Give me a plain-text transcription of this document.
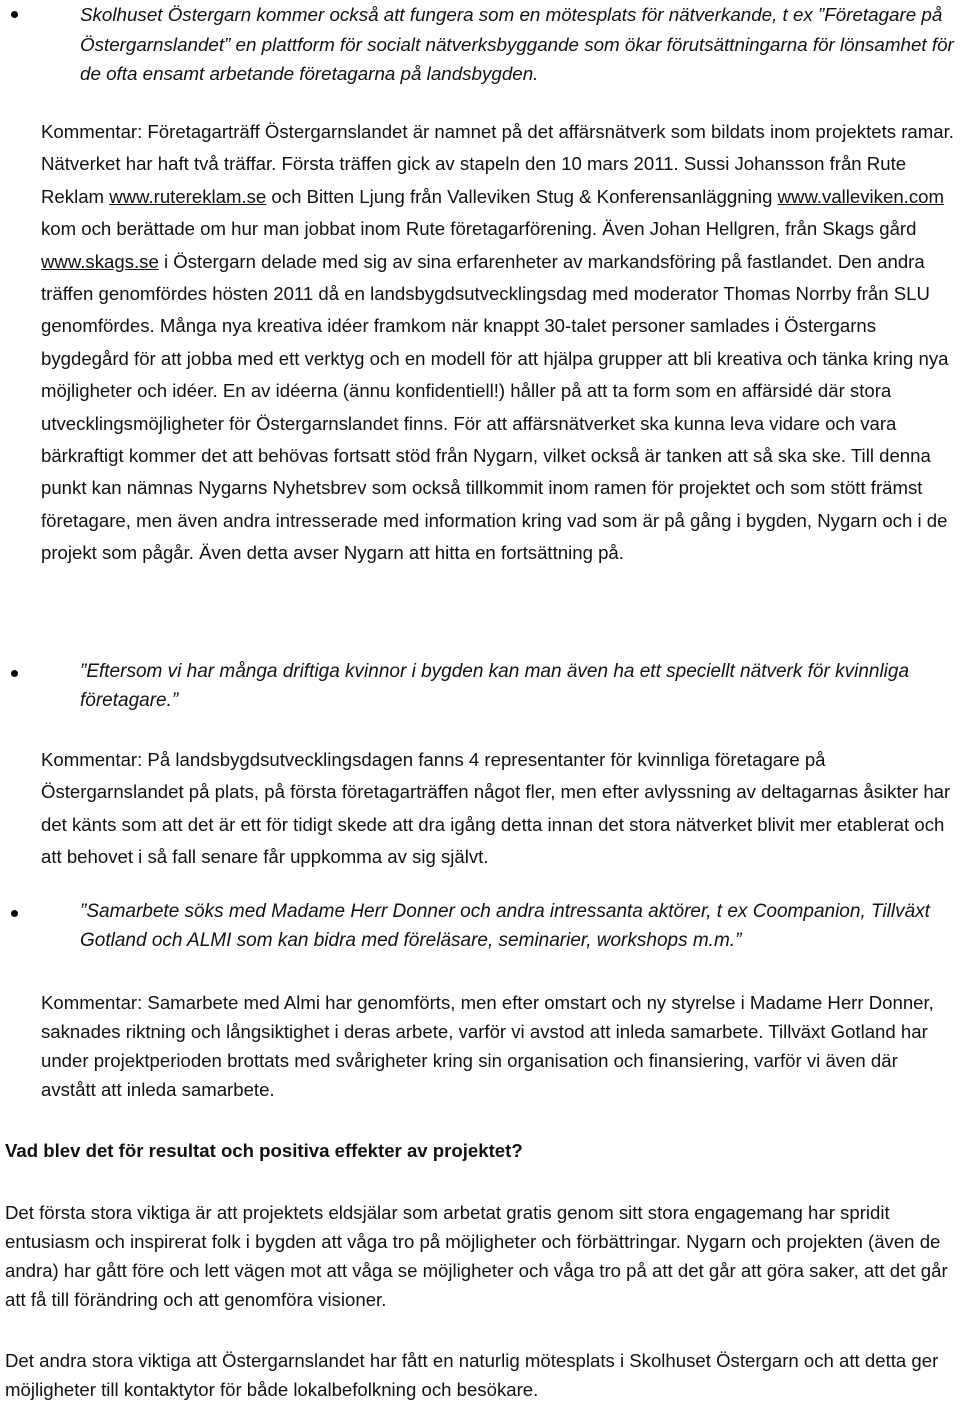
Skolhuset Östergarn kommer också att fungera som en mötesplats för nätverkande, t ex ”Företagare på Östergarnslandet” en plattform för socialt nätverksbyggande som ökar förutsättningarna för lönsamhet för de ofta ensamt arbetande företagarna på landsbygden.
Kommentar: Företagarträff Östergarnslandet är namnet på det affärsnätverk som bildats inom projektets ramar. Nätverket har haft två träffar. Första träffen gick av stapeln den 10 mars 2011. Sussi Johansson från Rute Reklam www.rutereklam.se och Bitten Ljung från Valleviken Stug & Konferensanläggning www.valleviken.com kom och berättade om hur man jobbat inom Rute företagarförening. Även Johan Hellgren, från Skags gård www.skags.se i Östergarn delade med sig av sina erfarenheter av markandsföring på fastlandet. Den andra träffen genomfördes hösten 2011 då en landsbygdsutvecklingsdag med moderator Thomas Norrby från SLU genomfördes. Många nya kreativa idéer framkom när knappt 30-talet personer samlades i Östergarns bygdegård för att jobba med ett verktyg och en modell för att hjälpa grupper att bli kreativa och tänka kring nya möjligheter och idéer. En av idéerna (ännu konfidentiell!) håller på att ta form som en affärsidé där stora utvecklingsmöjligheter för Östergarnslandet finns. För att affärsnätverket ska kunna leva vidare och vara bärkraftigt kommer det att behövas fortsatt stöd från Nygarn, vilket också är tanken att så ska ske. Till denna punkt kan nämnas Nygarns Nyhetsbrev som också tillkommit inom ramen för projektet och som stött främst företagare, men även andra intresserade med information kring vad som är på gång i bygden, Nygarn och i de projekt som pågår. Även detta avser Nygarn att hitta en fortsättning på.
”Eftersom vi har många driftiga kvinnor i bygden kan man även ha ett speciellt nätverk för kvinnliga företagare.”
Kommentar: På landsbygdsutvecklingsdagen fanns 4 representanter för kvinnliga företagare på Östergarnslandet på plats, på första företagarträffen något fler, men efter avlyssning av deltagarnas åsikter har det känts som att det är ett för tidigt skede att dra igång detta innan det stora nätverket blivit mer etablerat och att behovet i så fall senare får uppkomma av sig självt.
”Samarbete söks med Madame Herr Donner och andra intressanta aktörer, t ex Coompanion, Tillväxt Gotland och ALMI som kan bidra med föreläsare, seminarier, workshops m.m.”
Kommentar: Samarbete med Almi har genomförts, men efter omstart och ny styrelse i Madame Herr Donner, saknades riktning och långsiktighet i deras arbete, varför vi avstod att inleda samarbete. Tillväxt Gotland har under projektperioden brottats med svårigheter kring sin organisation och finansiering, varför vi även där avstått att inleda samarbete.
Vad blev det för resultat och positiva effekter av projektet?
Det första stora viktiga är att projektets eldsjälar som arbetat gratis genom sitt stora engagemang har spridit entusiasm och inspirerat folk i bygden att våga tro på möjligheter och förbättringar. Nygarn och projekten (även de andra) har gått före och lett vägen mot att våga se möjligheter och våga tro på att det går att göra saker, att det går att få till förändring och att genomföra visioner.
Det andra stora viktiga att Östergarnslandet har fått en naturlig mötesplats i Skolhuset Östergarn och att detta ger möjligheter till kontaktytor för både lokalbefolkning och besökare.
